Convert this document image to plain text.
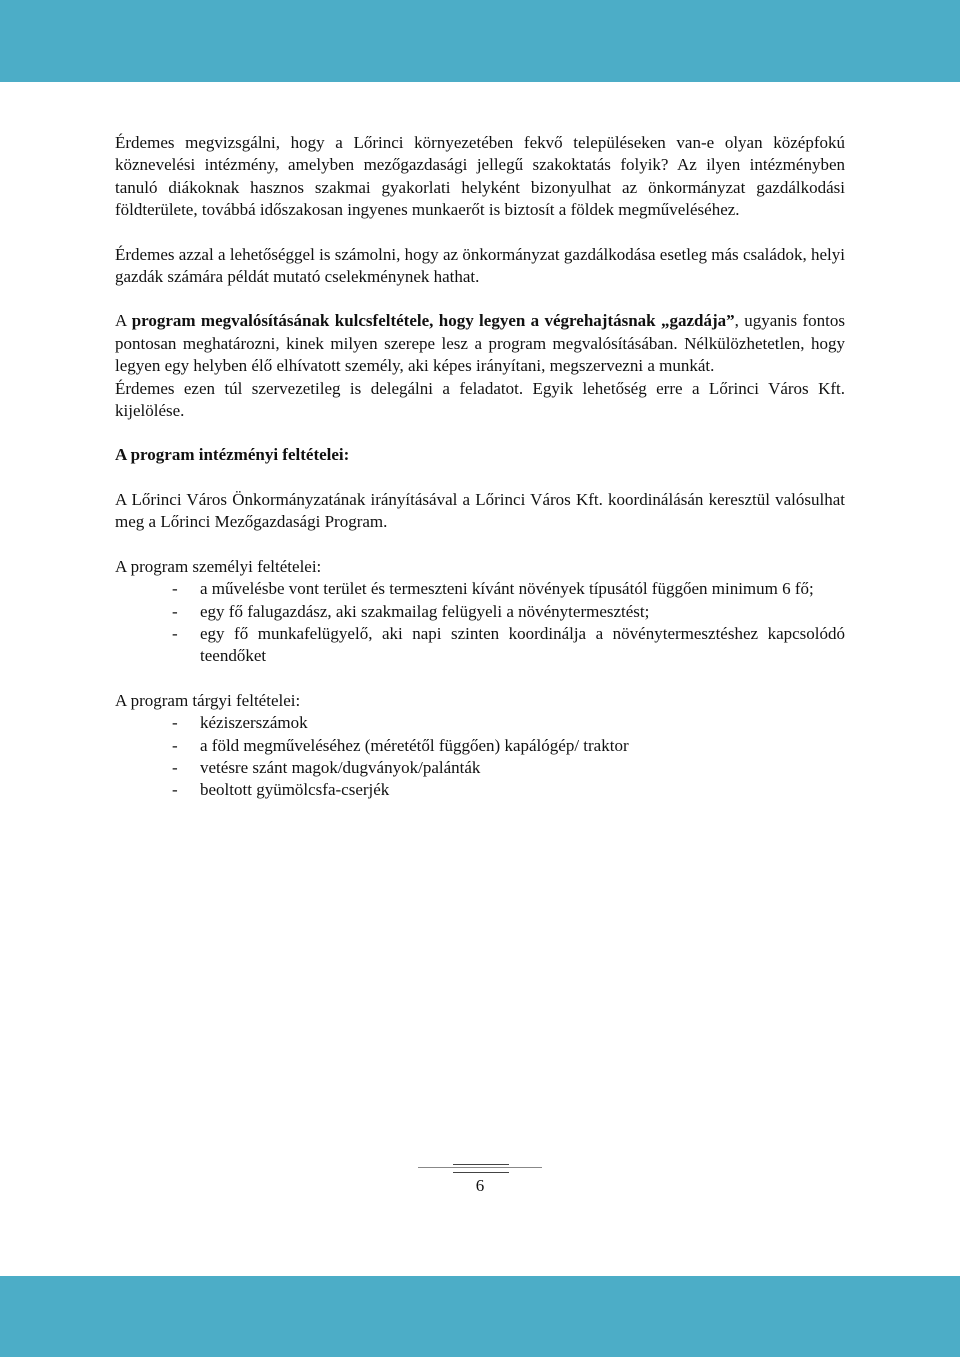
Érdemes megvizsgálni, hogy a Lőrinci környezetében fekvő településeken van-e olyan középfokú köznevelési intézmény, amelyben mezőgazdasági jellegű szakoktatás folyik? Az ilyen intézményben tanuló diákoknak hasznos szakmai gyakorlati helyként bizonyulhat az önkormányzat gazdálkodási földterülete, továbbá időszakosan ingyenes munkaerőt is biztosít a földek megműveléséhez.

Érdemes azzal a lehetőséggel is számolni, hogy az önkormányzat gazdálkodása esetleg más családok, helyi gazdák számára példát mutató cselekménynek hathat.

A program megvalósításának kulcsfeltétele, hogy legyen a végrehajtásnak „gazdája”, ugyanis fontos pontosan meghatározni, kinek milyen szerepe lesz a program megvalósításában. Nélkülözhetetlen, hogy legyen egy helyben élő elhívatott személy, aki képes irányítani, megszervezni a munkát.

Érdemes ezen túl szervezetileg is delegálni a feladatot. Egyik lehetőség erre a Lőrinci Város Kft. kijelölése.

A program intézményi feltételei:

A Lőrinci Város Önkormányzatának irányításával a Lőrinci Város Kft. koordinálásán keresztül valósulhat meg a Lőrinci Mezőgazdasági Program.

A program személyi feltételei:

- a művelésbe vont terület és termeszteni kívánt növények típusától függően minimum 6 fő;
- egy fő falugazdász, aki szakmailag felügyeli a növénytermesztést;
- egy fő munkafelügyelő, aki napi szinten koordinálja a növénytermesztéshez kapcsolódó teendőket

A program tárgyi feltételei:

- kéziszerszámok
- a föld megműveléséhez (méretétől függően) kapálógép/ traktor
- vetésre szánt magok/dugványok/palánták
- beoltott gyümölcsfa-cserjék
6
